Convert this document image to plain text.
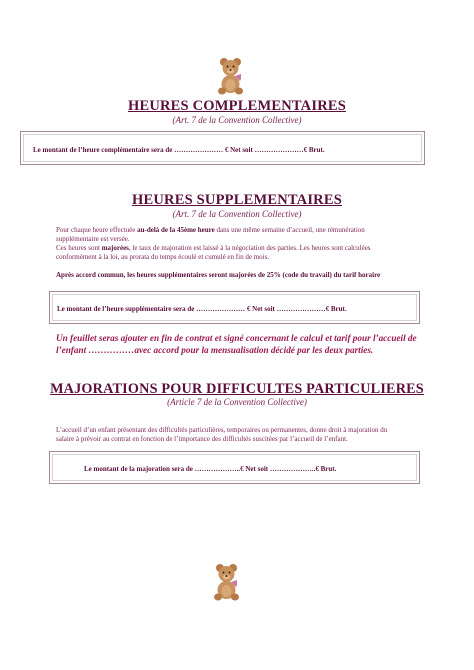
HEURES COMPLEMENTAIRES
(Art. 7 de la Convention Collective)
Le montant de l’heure complémentaire sera de ………………… € Net soit …………………€ Brut.
HEURES SUPPLEMENTAIRES
(Art. 7 de la Convention Collective)
Pour chaque heure effectuée au-delà de la 45ème heure dans une même semaine d’accueil, une rémunération
supplémentaire est versée.
Ces heures sont majorées, le taux de majoration est laissé à la négociation des parties. Les heures sont calculées
conformément à la loi, au prorata du temps écoulé et cumulé en fin de mois.
Après accord commun, les heures supplémentaires seront majorées de 25% (code du travail) du tarif horaire
Le montant de l’heure supplémentaire sera de ………………… € Net soit …………………€ Brut.
Un feuillet seras ajouter en fin de contrat et signé concernant le calcul et tarif pour l’accueil de
l’enfant ……………avec accord pour la mensualisation décidé par les deux parties.
MAJORATIONS POUR DIFFICULTES PARTICULIERES
(Article 7 de la Convention Collective)
L’accueil d’un enfant présentant des difficultés particulières, temporaires ou permanentes, donne droit à majoration du
salaire à prévoir au contrat en fonction de l’importance des difficultés suscitées par l’accueil de l’enfant.
Le montant de la majoration sera de ………………..€ Net soit ………………..€ Brut.
